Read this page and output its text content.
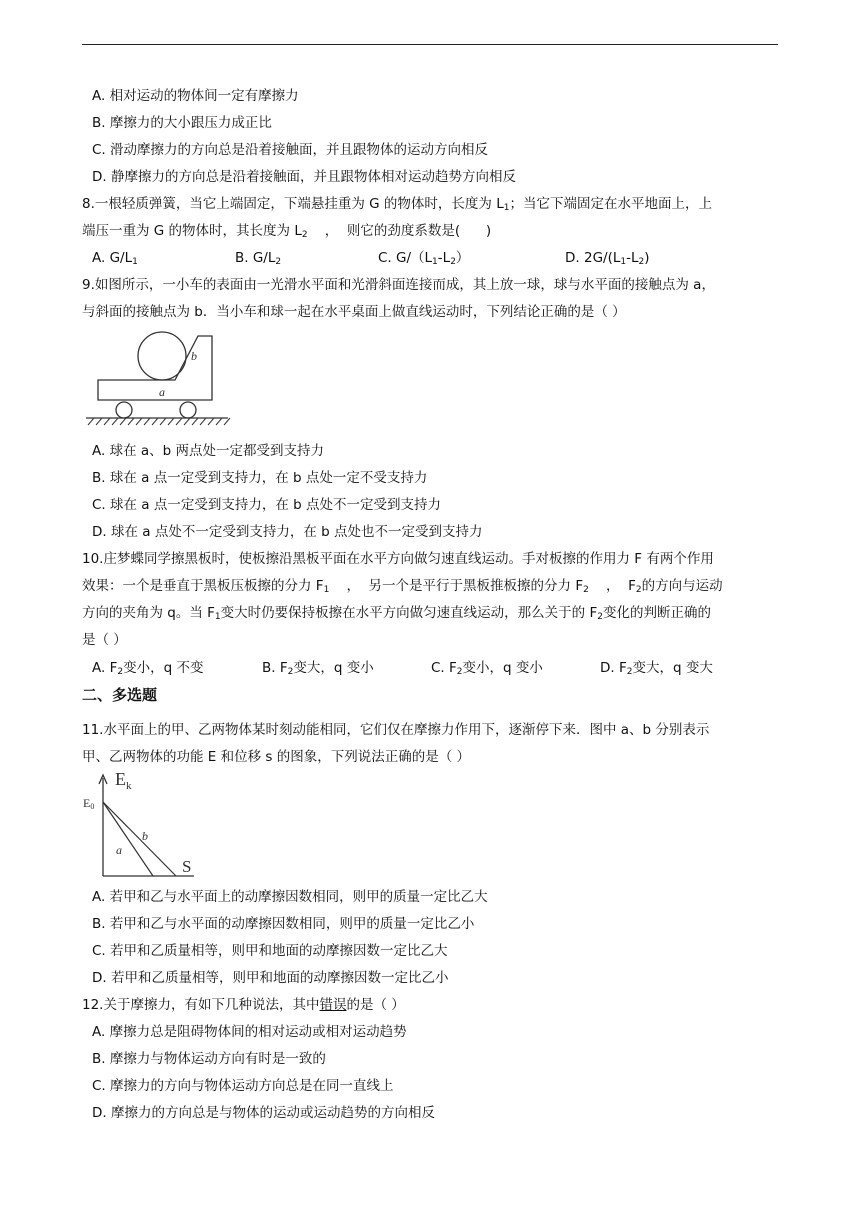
A. 相对运动的物体间一定有摩擦力
B. 摩擦力的大小跟压力成正比
C. 滑动摩擦力的方向总是沿着接触面，并且跟物体的运动方向相反
D. 静摩擦力的方向总是沿着接触面，并且跟物体相对运动趋势方向相反
8.一根轻质弹簧，当它上端固定，下端悬挂重为 G 的物体时，长度为 $L_1$；当它下端固定在水平地面上，上
端压一重为 G 的物体时，其长度为 $L_2$    ，  则它的劲度系数是(      )
A. $G/L_1$	B. $G/L_2$	C. $G/(L_1-L_2)$	D. $2G/(L_1-L_2)$
9.如图所示，一小车的表面由一光滑水平面和光滑斜面连接而成，其上放一球，球与水平面的接触点为 a，
与斜面的接触点为 b．当小车和球一起在水平桌面上做直线运动时，下列结论正确的是（ ）
a
b
A. 球在 a、b 两点处一定都受到支持力
B. 球在 a 点一定受到支持力，在 b 点处一定不受支持力
C. 球在 a 点一定受到支持力，在 b 点处不一定受到支持力
D. 球在 a 点处不一定受到支持力，在 b 点处也不一定受到支持力
10.庄梦蝶同学擦黑板时，使板擦沿黑板平面在水平方向做匀速直线运动。手对板擦的作用力 F 有两个作用
效果：一个是垂直于黑板压板擦的分力 $F_1$    ，  另一个是平行于黑板推板擦的分力 $F_2$    ，  $F_2$的方向与运动
方向的夹角为 q。当 $F_1$变大时仍要保持板擦在水平方向做匀速直线运动，那么关于的 $F_2$变化的判断正确的
是（ ）
A. $F_2$变小，q 不变	B. $F_2$变大，q 变小	C. $F_2$变小，q 变小	D. $F_2$变大，q 变大
二、多选题
11.水平面上的甲、乙两物体某时刻动能相同，它们仅在摩擦力作用下，逐渐停下来．图中 a、b 分别表示
甲、乙两物体的功能 E 和位移 s 的图象，下列说法正确的是（ ）
$E_k$
E0
S
a
b
A. 若甲和乙与水平面上的动摩擦因数相同，则甲的质量一定比乙大
B. 若甲和乙与水平面的动摩擦因数相同，则甲的质量一定比乙小
C. 若甲和乙质量相等，则甲和地面的动摩擦因数一定比乙大
D. 若甲和乙质量相等，则甲和地面的动摩擦因数一定比乙小
12.关于摩擦力，有如下几种说法，其中错误的是（ ）
A. 摩擦力总是阻碍物体间的相对运动或相对运动趋势
B. 摩擦力与物体运动方向有时是一致的
C. 摩擦力的方向与物体运动方向总是在同一直线上
D. 摩擦力的方向总是与物体的运动或运动趋势的方向相反
